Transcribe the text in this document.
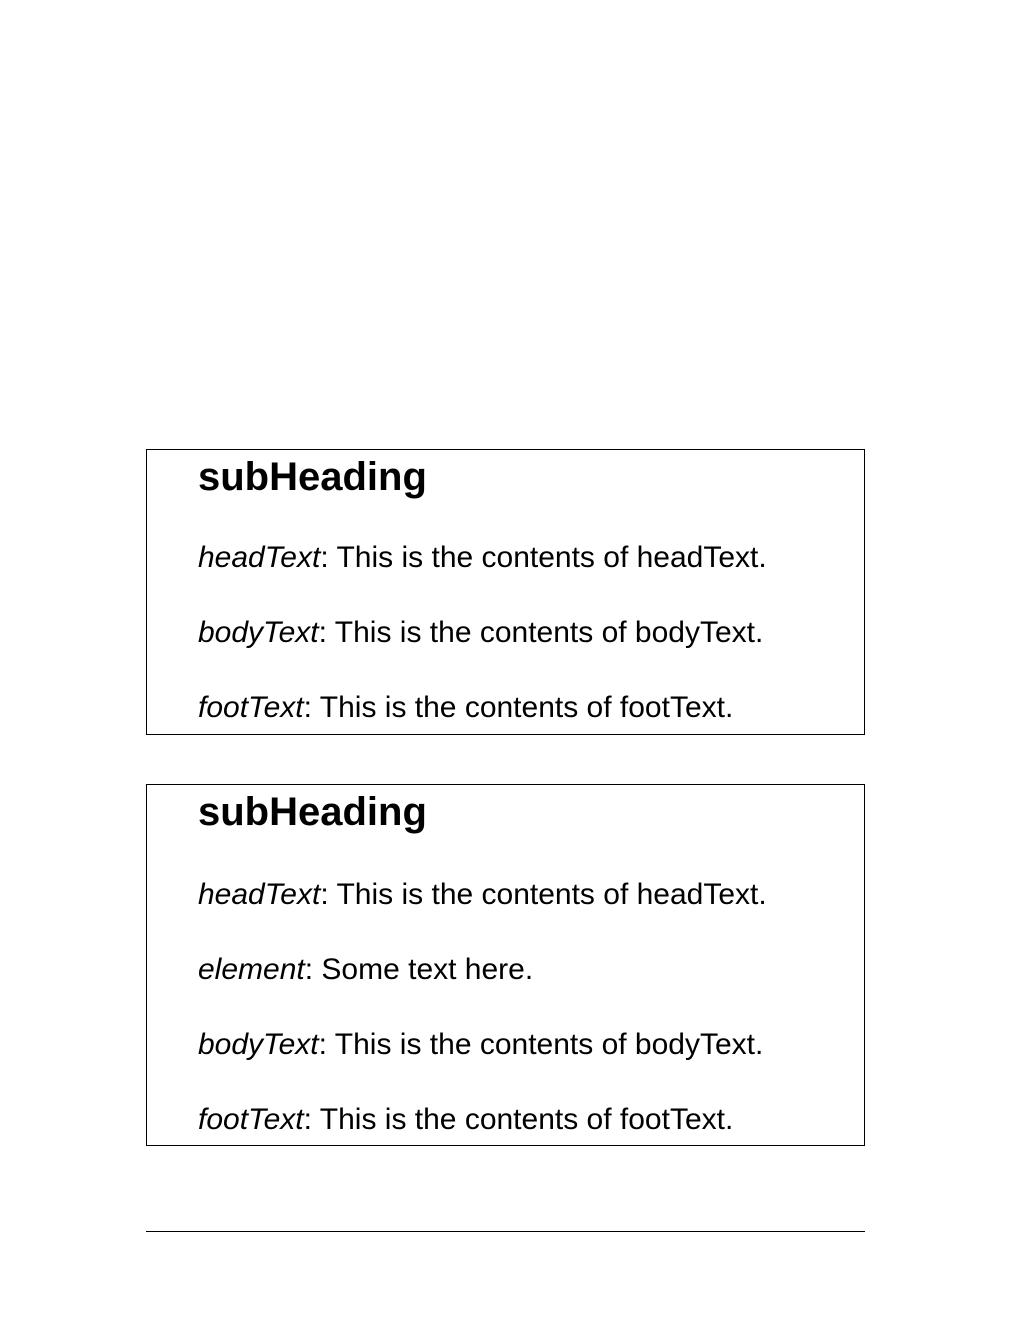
subHeading
headText: This is the contents of headText.
bodyText: This is the contents of bodyText.
footText: This is the contents of footText.
subHeading
headText: This is the contents of headText.
element: Some text here.
bodyText: This is the contents of bodyText.
footText: This is the contents of footText.
